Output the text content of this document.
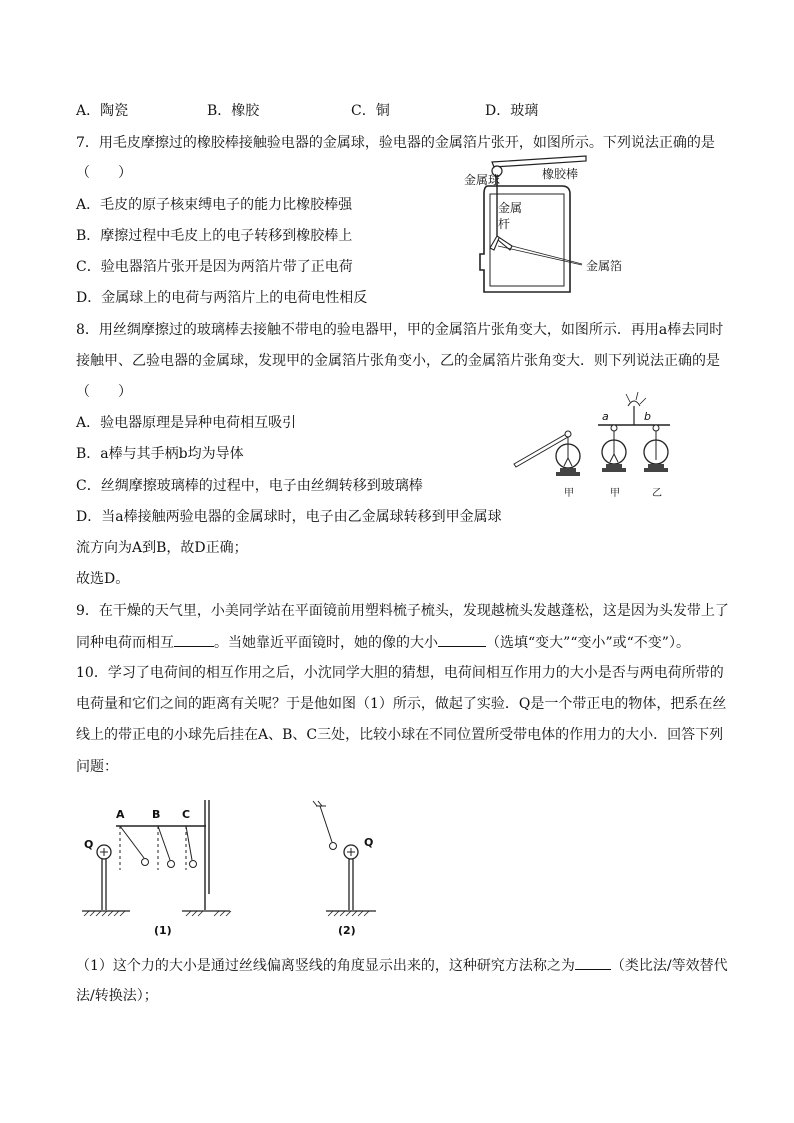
A．陶瓷	B．橡胶	C．铜	D．玻璃
7．用毛皮摩擦过的橡胶棒接触验电器的金属球，验电器的金属箔片张开，如图所示。下列说法正确的是
（　　）
A．毛皮的原子核束缚电子的能力比橡胶棒强
B．摩擦过程中毛皮上的电子转移到橡胶棒上
C．验电器箔片张开是因为两箔片带了正电荷
D．金属球上的电荷与两箔片上的电荷电性相反
金属球	橡胶棒
金属
杆
金属箔
8．用丝绸摩擦过的玻璃棒去接触不带电的验电器甲，甲的金属箔片张角变大，如图所示．再用a棒去同时
接触甲、乙验电器的金属球，发现甲的金属箔片张角变小，乙的金属箔片张角变大．则下列说法正确的是
（　　）
A．验电器原理是异种电荷相互吸引
B．a棒与其手柄b均为导体
C．丝绸摩擦玻璃棒的过程中，电子由丝绸转移到玻璃棒
D．当a棒接触两验电器的金属球时，电子由乙金属球转移到甲金属球
流方向为A到B，故D正确；
故选D。
a	b
甲	甲	乙
9．在干燥的天气里，小美同学站在平面镜前用塑料梳子梳头，发现越梳头发越蓬松，这是因为头发带上了
同种电荷而相互	。当她靠近平面镜时，她的像的大小	（选填“变大”“变小”或“不变”）。
10．学习了电荷间的相互作用之后，小沈同学大胆的猜想，电荷间相互作用力的大小是否与两电荷所带的
电荷量和它们之间的距离有关呢？于是他如图（1）所示，做起了实验．Q是一个带正电的物体，把系在丝
线上的带正电的小球先后挂在A、B、C三处，比较小球在不同位置所受带电体的作用力的大小．回答下列
问题：
A B C
Q
(1)
Q
(2)
（1）这个力的大小是通过丝线偏离竖线的角度显示出来的，这种研究方法称之为	（类比法/等效替代
法/转换法）；
